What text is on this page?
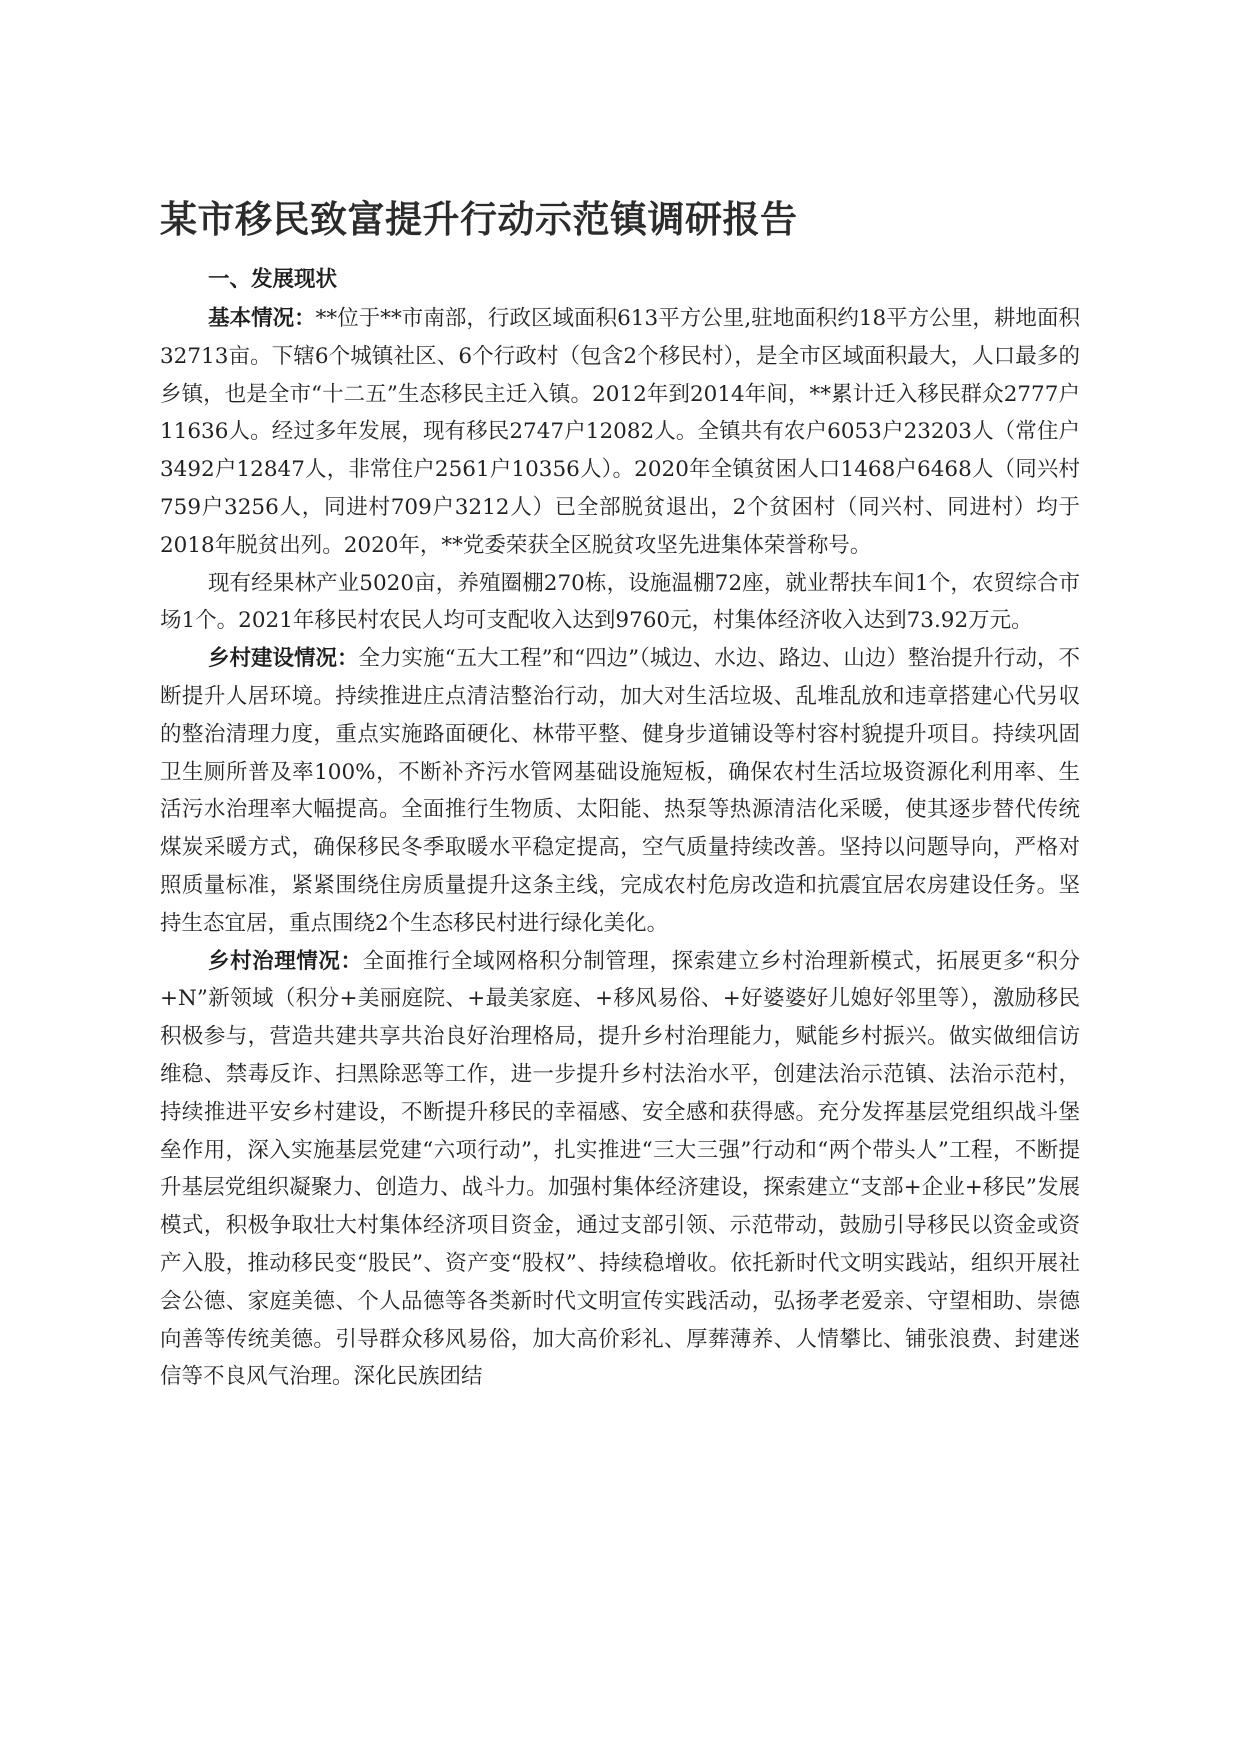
某市移民致富提升行动示范镇调研报告
一、发展现状

基本情况：**位于**市南部，行政区域面积613平方公里,驻地面积约18平方公里，耕地面积32713亩。下辖6个城镇社区、6个行政村（包含2个移民村），是全市区域面积最大，人口最多的乡镇，也是全市“十二五”生态移民主迁入镇。2012年到2014年间，**累计迁入移民群众2777户11636人。经过多年发展，现有移民2747户12082人。全镇共有农户6053户23203人（常住户3492户12847人，非常住户2561户10356人）。2020年全镇贫困人口1468户6468人（同兴村759户3256人，同进村709户3212人）已全部脱贫退出，2个贫困村（同兴村、同进村）均于2018年脱贫出列。2020年，**党委荣获全区脱贫攻坚先进集体荣誉称号。

现有经果林产业5020亩，养殖圈棚270栋，设施温棚72座，就业帮扶车间1个，农贸综合市场1个。2021年移民村农民人均可支配收入达到9760元，村集体经济收入达到73.92万元。

乡村建设情况：全力实施“五大工程”和“四边”（城边、水边、路边、山边）整治提升行动，不断提升人居环境。持续推进庄点清洁整治行动，加大对生活垃圾、乱堆乱放和违章搭建心代另収的整治清理力度，重点实施路面硬化、林带平整、健身步道铺设等村容村貌提升项目。持续巩固卫生厕所普及率100%，不断补齐污水管网基础设施短板，确保农村生活垃圾资源化利用率、生活污水治理率大幅提高。全面推行生物质、太阳能、热泵等热源清洁化采暖，使其逐步替代传统煤炭采暖方式，确保移民冬季取暖水平稳定提高，空气质量持续改善。坚持以问题导向，严格对照质量标准，紧紧围绕住房质量提升这条主线，完成农村危房改造和抗震宜居农房建设任务。坚持生态宜居，重点围绕2个生态移民村进行绿化美化。

乡村治理情况：全面推行全域网格积分制管理，探索建立乡村治理新模式，拓展更多“积分+N”新领域（积分+美丽庭院、+最美家庭、+移风易俗、+好婆婆好儿媳好邻里等），激励移民积极参与，营造共建共享共治良好治理格局，提升乡村治理能力，赋能乡村振兴。做实做细信访维稳、禁毒反诈、扫黑除恶等工作，进一步提升乡村法治水平，创建法治示范镇、法治示范村，持续推进平安乡村建设，不断提升移民的幸福感、安全感和获得感。充分发挥基层党组织战斗堡垒作用，深入实施基层党建“六项行动”，扎实推进“三大三强”行动和“两个带头人”工程，不断提升基层党组织凝聚力、创造力、战斗力。加强村集体经济建设，探索建立“支部+企业+移民”发展模式，积极争取壮大村集体经济项目资金，通过支部引领、示范带动，鼓励引导移民以资金或资产入股，推动移民变“股民”、资产变“股权”、持续稳增收。依托新时代文明实践站，组织开展社会公德、家庭美德、个人品德等各类新时代文明宣传实践活动，弘扬孝老爱亲、守望相助、崇德向善等传统美德。引导群众移风易俗，加大高价彩礼、厚葬薄养、人情攀比、铺张浪费、封建迷信等不良风气治理。深化民族团结
